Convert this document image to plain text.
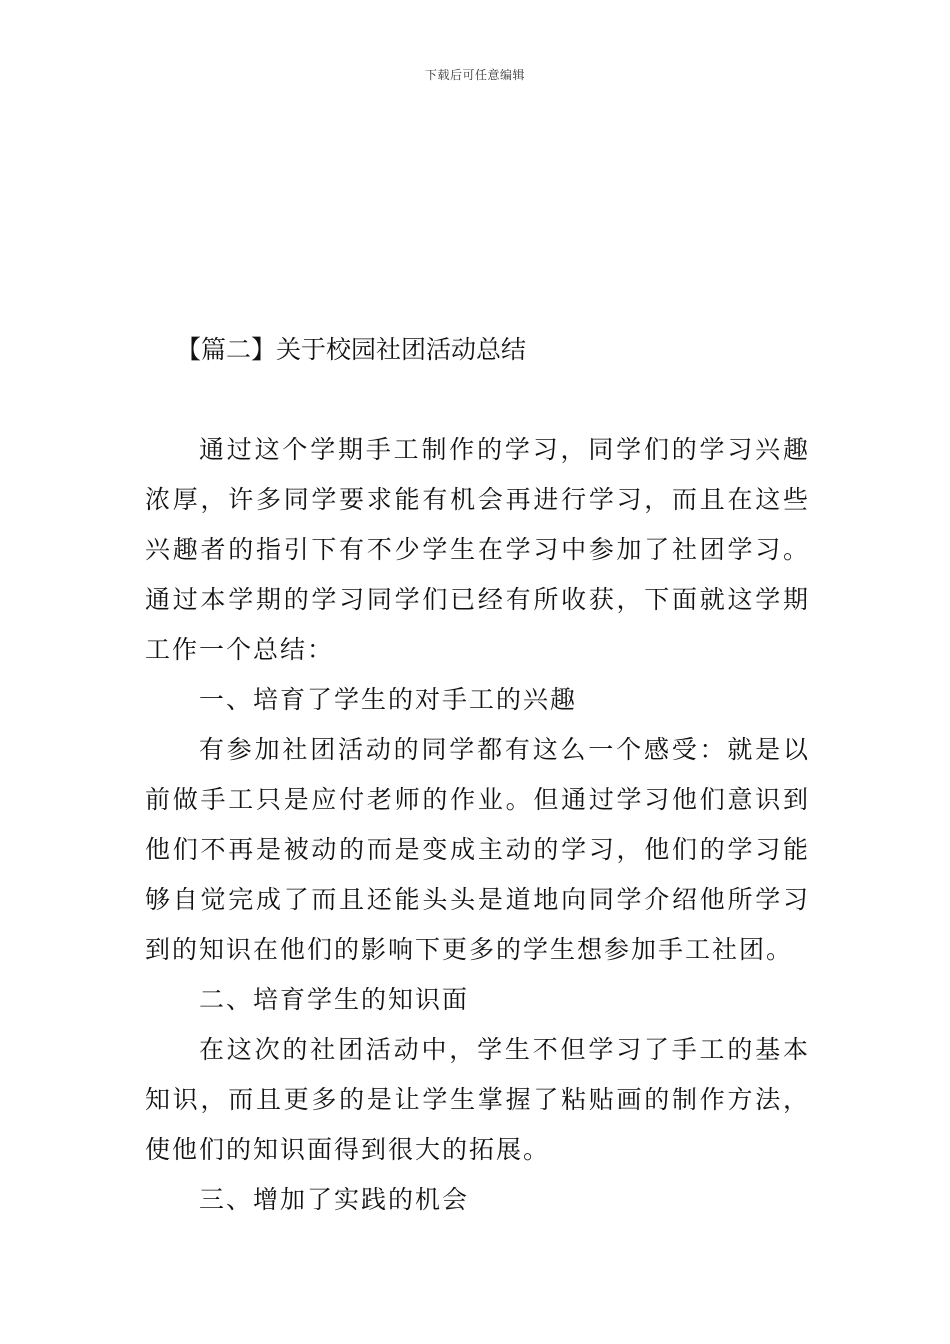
下载后可任意编辑
【篇二】关于校园社团活动总结

通过这个学期手工制作的学习，同学们的学习兴趣浓厚，许多同学要求能有机会再进行学习，而且在这些兴趣者的指引下有不少学生在学习中参加了社团学习。通过本学期的学习同学们已经有所收获，下面就这学期工作一个总结：

一、培育了学生的对手工的兴趣

有参加社团活动的同学都有这么一个感受：就是以前做手工只是应付老师的作业。但通过学习他们意识到他们不再是被动的而是变成主动的学习，他们的学习能够自觉完成了而且还能头头是道地向同学介绍他所学习到的知识在他们的影响下更多的学生想参加手工社团。

二、培育学生的知识面

在这次的社团活动中，学生不但学习了手工的基本知识，而且更多的是让学生掌握了粘贴画的制作方法，使他们的知识面得到很大的拓展。

三、增加了实践的机会
